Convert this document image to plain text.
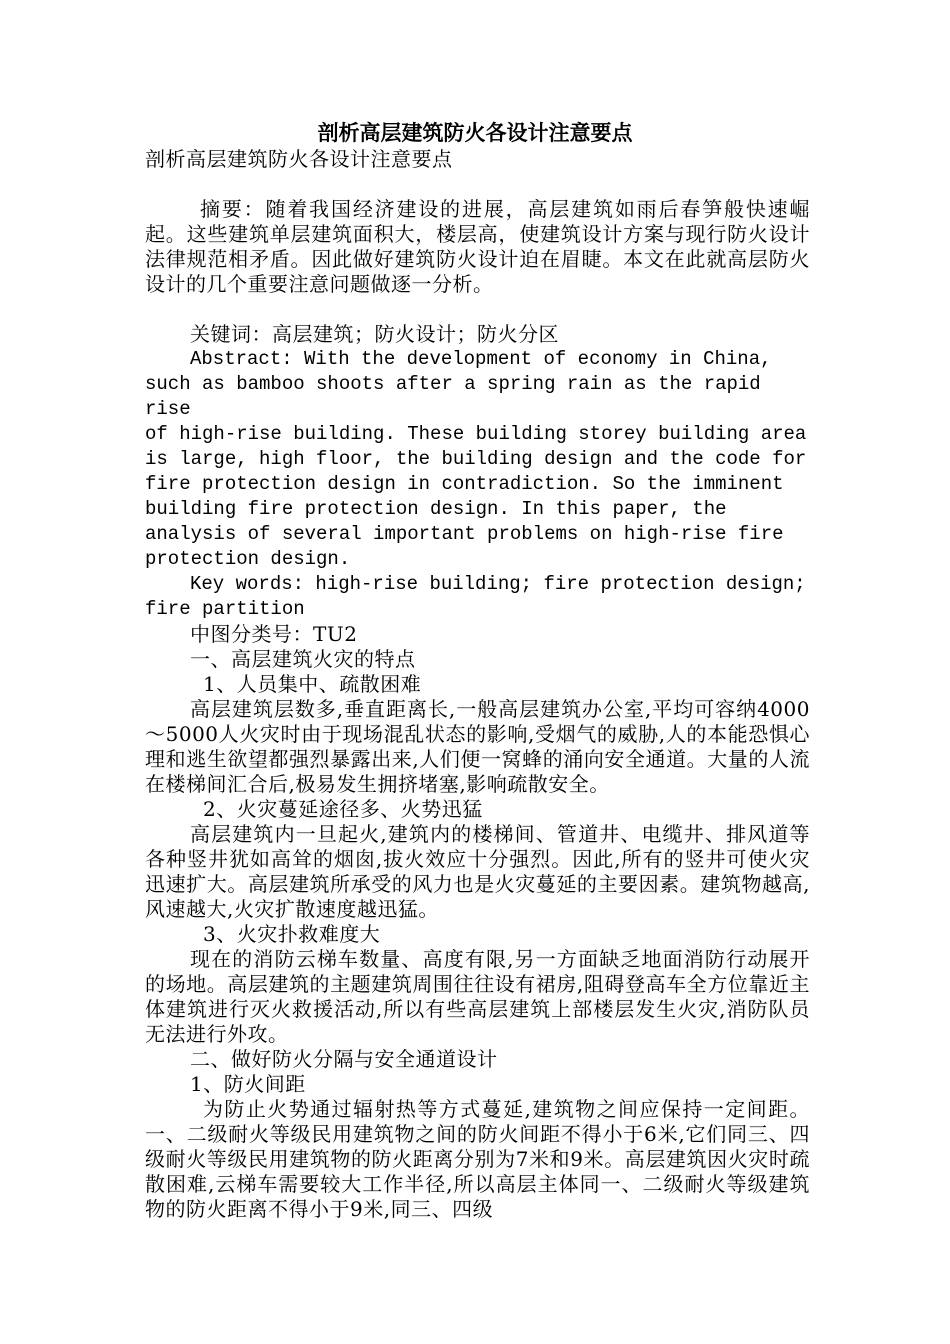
剖析高层建筑防火各设计注意要点

剖析高层建筑防火各设计注意要点

摘要：随着我国经济建设的进展，高层建筑如雨后春笋般快速崛起。这些建筑单层建筑面积大，楼层高，使建筑设计方案与现行防火设计法律规范相矛盾。因此做好建筑防火设计迫在眉睫。本文在此就高层防火设计的几个重要注意问题做逐一分析。

关键词：高层建筑；防火设计；防火分区

Abstract: With the development of economy in China,
such as bamboo shoots after a spring rain as the rapid rise
of high-rise building. These building storey building area
is large, high floor, the building design and the code for
fire protection design in contradiction. So the imminent
building fire protection design. In this paper, the
analysis of several important problems on high-rise fire
protection design.

Key words: high-rise building; fire protection design;
fire partition

中图分类号：TU2

一、高层建筑火灾的特点

1、人员集中、疏散困难

高层建筑层数多,垂直距离长,一般高层建筑办公室,平均可容纳4000～5000人火灾时由于现场混乱状态的影响,受烟气的威胁,人的本能恐惧心理和逃生欲望都强烈暴露出来,人们便一窝蜂的涌向安全通道。大量的人流在楼梯间汇合后,极易发生拥挤堵塞,影响疏散安全。

2、火灾蔓延途径多、火势迅猛

高层建筑内一旦起火,建筑内的楼梯间、管道井、电缆井、排风道等各种竖井犹如高耸的烟囱,拔火效应十分强烈。因此,所有的竖井可使火灾迅速扩大。高层建筑所承受的风力也是火灾蔓延的主要因素。建筑物越高,风速越大,火灾扩散速度越迅猛。

3、火灾扑救难度大

现在的消防云梯车数量、高度有限,另一方面缺乏地面消防行动展开的场地。高层建筑的主题建筑周围往往设有裙房,阻碍登高车全方位靠近主体建筑进行灭火救援活动,所以有些高层建筑上部楼层发生火灾,消防队员无法进行外攻。

二、做好防火分隔与安全通道设计

1、防火间距

为防止火势通过辐射热等方式蔓延,建筑物之间应保持一定间距。一、二级耐火等级民用建筑物之间的防火间距不得小于6米,它们同三、四级耐火等级民用建筑物的防火距离分别为7米和9米。高层建筑因火灾时疏散困难,云梯车需要较大工作半径,所以高层主体同一、二级耐火等级建筑物的防火距离不得小于9米,同三、四级
